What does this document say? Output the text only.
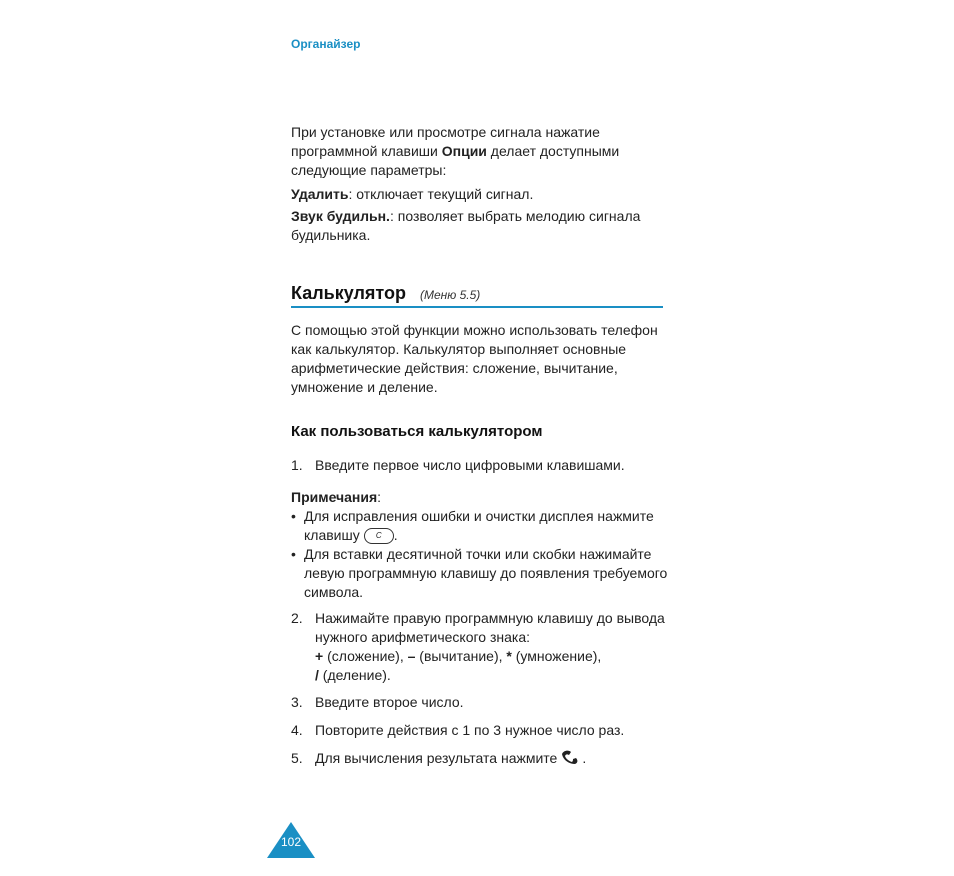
Органайзер
При установке или просмотре сигнала нажатие программной клавиши Опции делает доступными следующие параметры:
Удалить: отключает текущий сигнал.
Звук будильн.: позволяет выбрать мелодию сигнала будильника.
Калькулятор (Меню 5.5)
С помощью этой функции можно использовать телефон как калькулятор. Калькулятор выполняет основные арифметические действия: сложение, вычитание, умножение и деление.
Как пользоваться калькулятором
1. Введите первое число цифровыми клавишами.
Примечания:
• Для исправления ошибки и очистки дисплея нажмите клавишу C .
• Для вставки десятичной точки или скобки нажимайте левую программную клавишу до появления требуемого символа.
2. Нажимайте правую программную клавишу до вывода нужного арифметического знака:
+ (сложение), – (вычитание), * (умножение),
/ (деление).
3. Введите второе число.
4. Повторите действия с 1 по 3 нужное число раз.
5. Для вычисления результата нажмите .
102
